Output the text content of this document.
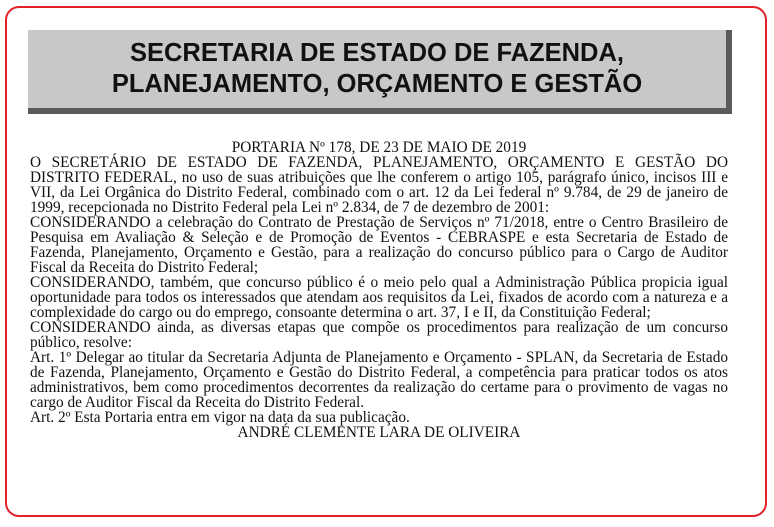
SECRETARIA DE ESTADO DE FAZENDA,
PLANEJAMENTO, ORÇAMENTO E GESTÃO

PORTARIA Nº 178, DE 23 DE MAIO DE 2019

O SECRETÁRIO DE ESTADO DE FAZENDA, PLANEJAMENTO, ORÇAMENTO E GESTÃO DO DISTRITO FEDERAL, no uso de suas atribuições que lhe conferem o artigo 105, parágrafo único, incisos III e VII, da Lei Orgânica do Distrito Federal, combinado com o art. 12 da Lei federal nº 9.784, de 29 de janeiro de 1999, recepcionada no Distrito Federal pela Lei nº 2.834, de 7 de dezembro de 2001:

CONSIDERANDO a celebração do Contrato de Prestação de Serviços nº 71/2018, entre o Centro Brasileiro de Pesquisa em Avaliação & Seleção e de Promoção de Eventos - CEBRASPE e esta Secretaria de Estado de Fazenda, Planejamento, Orçamento e Gestão, para a realização do concurso público para o Cargo de Auditor Fiscal da Receita do Distrito Federal;

CONSIDERANDO, também, que concurso público é o meio pelo qual a Administração Pública propicia igual oportunidade para todos os interessados que atendam aos requisitos da Lei, fixados de acordo com a natureza e a complexidade do cargo ou do emprego, consoante determina o art. 37, I e II, da Constituição Federal;

CONSIDERANDO ainda, as diversas etapas que compõe os procedimentos para realização de um concurso público, resolve:

Art. 1º Delegar ao titular da Secretaria Adjunta de Planejamento e Orçamento - SPLAN, da Secretaria de Estado de Fazenda, Planejamento, Orçamento e Gestão do Distrito Federal, a competência para praticar todos os atos administrativos, bem como procedimentos decorrentes da realização do certame para o provimento de vagas no cargo de Auditor Fiscal da Receita do Distrito Federal.

Art. 2º Esta Portaria entra em vigor na data da sua publicação.

ANDRÉ CLEMENTE LARA DE OLIVEIRA
